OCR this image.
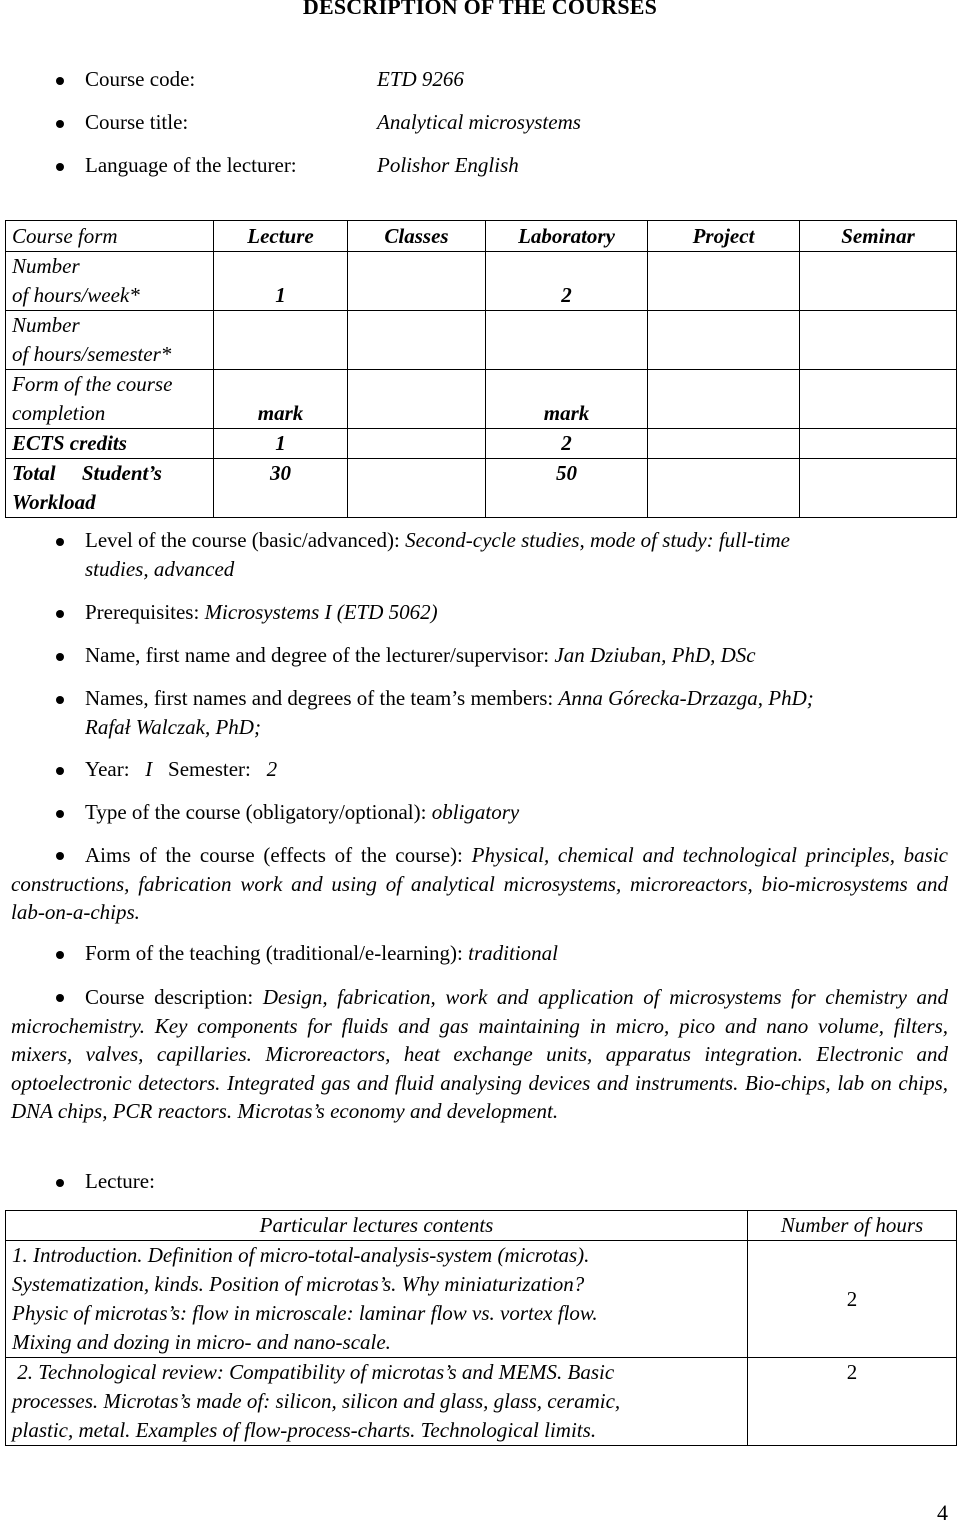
DESCRIPTION OF THE COURSES
Course code:	ETD 9266
Course title:	Analytical microsystems
Language of the lecturer:	Polishor English
Course form	Lecture	Classes	Laboratory	Project	Seminar
Number
of hours/week*	1		2		
Number
of hours/semester*					
Form of the course
completion	mark		mark		
ECTS credits	1		2		
Total     Student’s
Workload	30		50		
Level of the course (basic/advanced): Second-cycle studies, mode of study: full-time
studies, advanced
Prerequisites: Microsystems I (ETD 5062)
Name, first name and degree of the lecturer/supervisor: Jan Dziuban, PhD, DSc
Names, first names and degrees of the team’s members: Anna Górecka-Drzazga, PhD;
Rafał Walczak, PhD;
Year: I Semester: 2
Type of the course (obligatory/optional): obligatory
Aims of the course (effects of the course): Physical, chemical and technological principles, basic constructions, fabrication work and using of analytical microsystems, microreactors, bio-microsystems and lab-on-a-chips.
Form of the teaching (traditional/e-learning): traditional
Course description: Design, fabrication, work and application of microsystems for chemistry and microchemistry. Key components for fluids and gas maintaining in micro, pico and nano volume, filters, mixers, valves, capillaries. Microreactors, heat exchange units, apparatus integration. Electronic and optoelectronic detectors. Integrated gas and fluid analysing devices and instruments. Bio-chips, lab on chips, DNA chips, PCR reactors. Microtas’s economy and development.
Lecture:
Particular lectures contents	Number of hours
1. Introduction. Definition of micro-total-analysis-system (microtas).
Systematization, kinds. Position of microtas’s. Why miniaturization?
Physic of microtas’s: flow in microscale: laminar flow vs. vortex flow.
Mixing and dozing in micro- and nano-scale.	2
2. Technological review: Compatibility of microtas’s and MEMS. Basic
processes. Microtas’s made of: silicon, silicon and glass, glass, ceramic,
plastic, metal. Examples of flow-process-charts. Technological limits.	2
4
